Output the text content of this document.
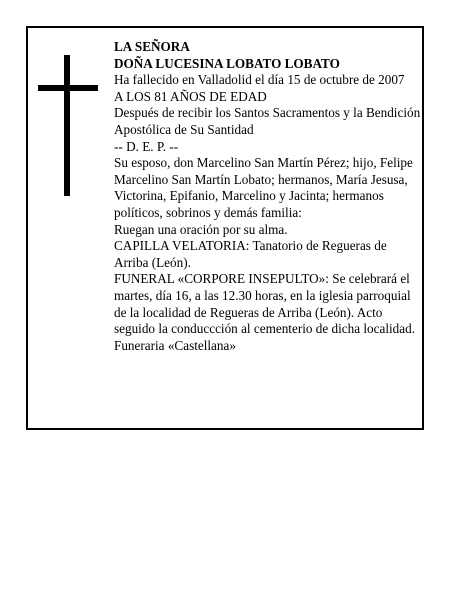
LA SEÑORA

DOÑA LUCESINA LOBATO LOBATO

Ha fallecido en Valladolid el día 15 de octubre de 2007

A LOS 81 AÑOS DE EDAD

Después de recibir los Santos Sacramentos y la Bendición Apostólica de Su Santidad

-- D. E. P. --

Su esposo, don Marcelino San Martín Pérez; hijo, Felipe Marcelino San Martín Lobato; hermanos, María Jesusa, Victorina, Epifanio, Marcelino y Jacinta; hermanos políticos, sobrinos y demás familia:

Ruegan una oración por su alma.

CAPILLA VELATORIA: Tanatorio de Regueras de Arriba (León).

FUNERAL «CORPORE INSEPULTO»: Se celebrará el martes, día 16, a las 12.30 horas, en la iglesia parroquial de la localidad de Regueras de Arriba (León). Acto seguido la conduccción al cementerio de dicha localidad.

Funeraria «Castellana»
